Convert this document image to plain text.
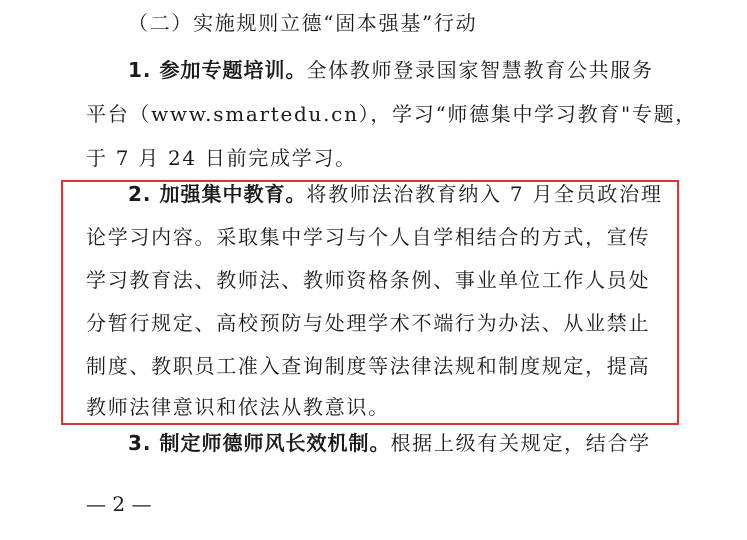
（二）实施规则立德“固本强基”行动
1. 参加专题培训。全体教师登录国家智慧教育公共服务
平台（www.smartedu.cn），学习“师德集中学习教育"专题，
于 7 月 24 日前完成学习。
2. 加强集中教育。将教师法治教育纳入 7 月全员政治理
论学习内容。采取集中学习与个人自学相结合的方式，宣传
学习教育法、教师法、教师资格条例、事业单位工作人员处
分暂行规定、高校预防与处理学术不端行为办法、从业禁止
制度、教职员工准入查询制度等法律法规和制度规定，提高
教师法律意识和依法从教意识。
3. 制定师德师风长效机制。根据上级有关规定，结合学
— 2 —
